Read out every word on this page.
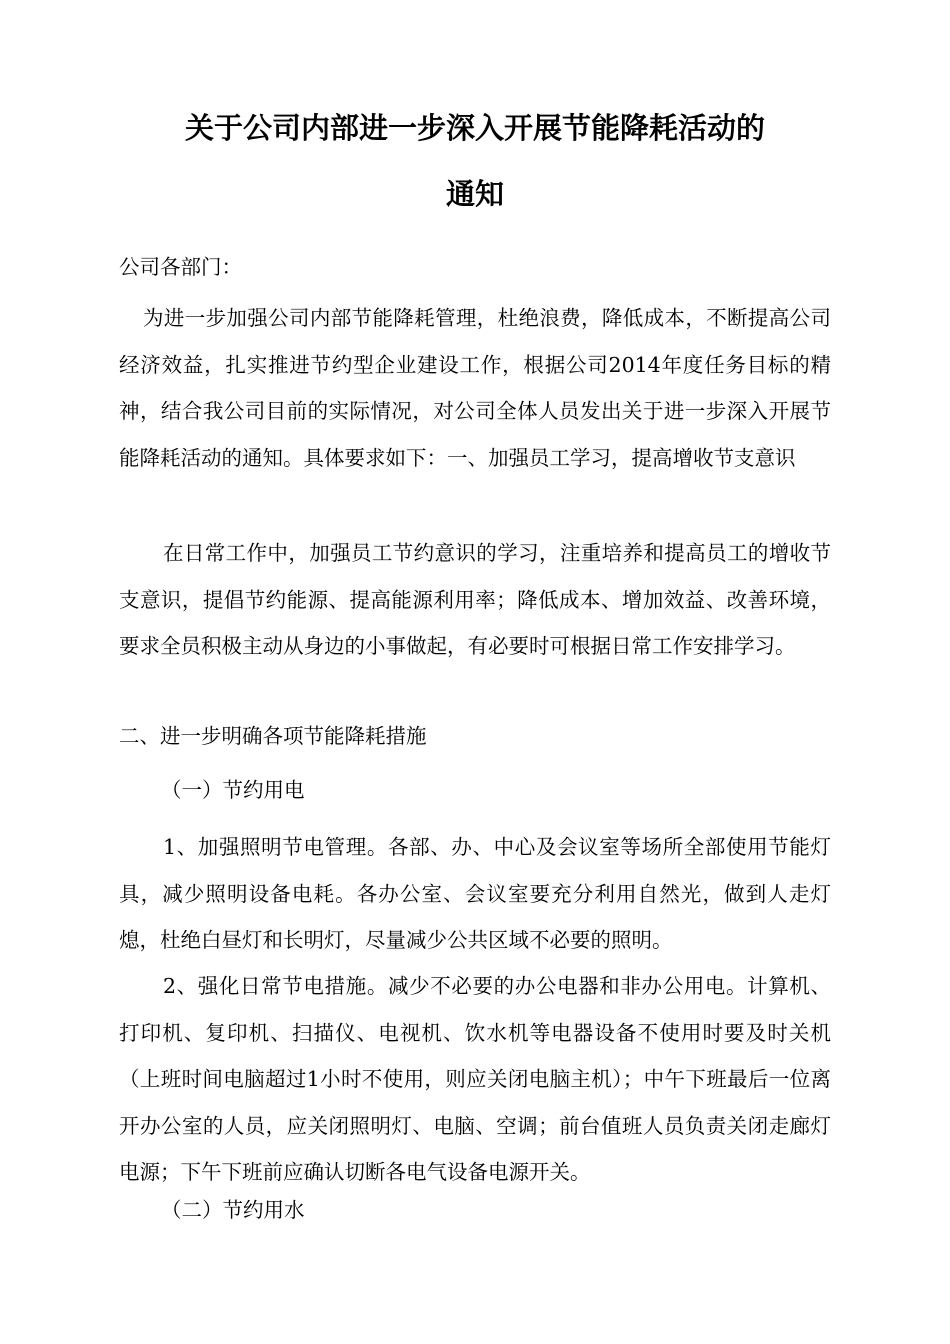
关于公司内部进一步深入开展节能降耗活动的
通知

公司各部门：

为进一步加强公司内部节能降耗管理，杜绝浪费，降低成本，不断提高公司经济效益，扎实推进节约型企业建设工作，根据公司2014年度任务目标的精神，结合我公司目前的实际情况，对公司全体人员发出关于进一步深入开展节能降耗活动的通知。具体要求如下：一、加强员工学习，提高增收节支意识

在日常工作中，加强员工节约意识的学习，注重培养和提高员工的增收节支意识，提倡节约能源、提高能源利用率；降低成本、增加效益、改善环境，要求全员积极主动从身边的小事做起，有必要时可根据日常工作安排学习。

二、进一步明确各项节能降耗措施

（一）节约用电

1、加强照明节电管理。各部、办、中心及会议室等场所全部使用节能灯具，减少照明设备电耗。各办公室、会议室要充分利用自然光，做到人走灯熄，杜绝白昼灯和长明灯，尽量减少公共区域不必要的照明。

2、强化日常节电措施。减少不必要的办公电器和非办公用电。计算机、打印机、复印机、扫描仪、电视机、饮水机等电器设备不使用时要及时关机（上班时间电脑超过1小时不使用，则应关闭电脑主机）；中午下班最后一位离开办公室的人员，应关闭照明灯、电脑、空调；前台值班人员负责关闭走廊灯电源；下午下班前应确认切断各电气设备电源开关。

（二）节约用水
